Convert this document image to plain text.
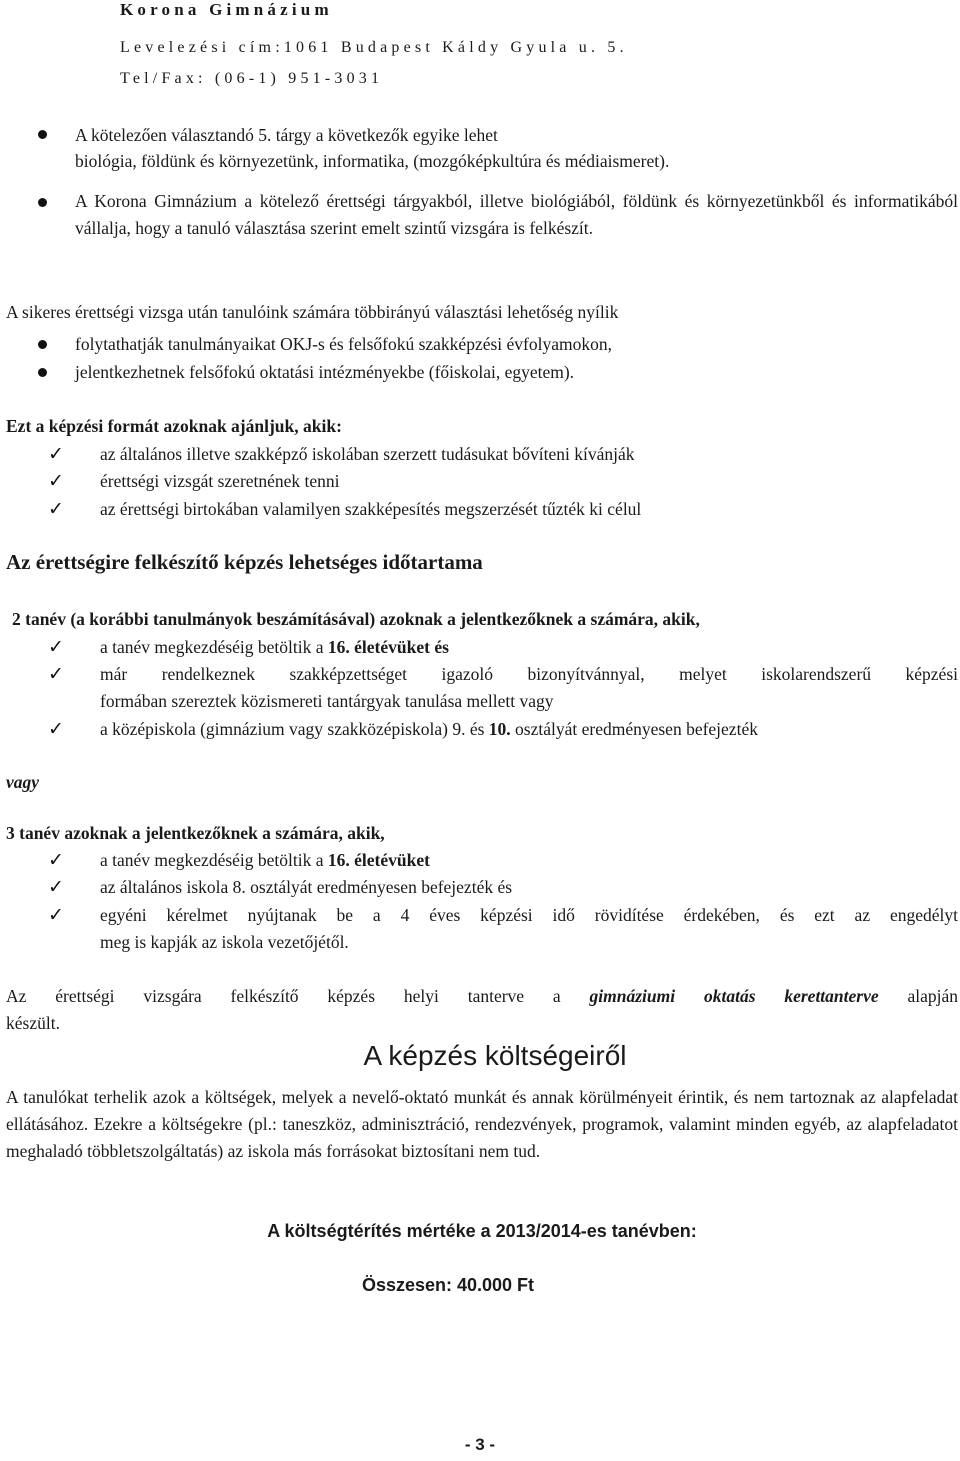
Korona Gimnázium
Levelezési cím:1061 Budapest Káldy Gyula u. 5.
Tel/Fax: (06-1) 951-3031
A kötelezően választandó 5. tárgy a következők egyike lehet
biológia, földünk és környezetünk, informatika, (mozgóképkultúra és médiaismeret).
A Korona Gimnázium a kötelező érettségi tárgyakból, illetve biológiából, földünk és környezetünkből és informatikából vállalja, hogy a tanuló választása szerint emelt szintű vizsgára is felkészít.
A sikeres érettségi vizsga után tanulóink számára többirányú választási lehetőség nyílik
folytathatják tanulmányaikat OKJ-s és felsőfokú szakképzési évfolyamokon,
jelentkezhetnek felsőfokú oktatási intézményekbe (főiskolai, egyetem).
Ezt a képzési formát azoknak ajánljuk, akik:
✓ az általános illetve szakképző iskolában szerzett tudásukat bővíteni kívánják
✓ érettségi vizsgát szeretnének tenni
✓ az érettségi birtokában valamilyen szakképesítés megszerzését tűzték ki célul
Az érettségire felkészítő képzés lehetséges időtartama
2 tanév (a korábbi tanulmányok beszámításával) azoknak a jelentkezőknek a számára, akik,
✓ a tanév megkezdéséig betöltik a 16. életévüket és
✓ már rendelkeznek szakképzettséget igazoló bizonyítvánnyal, melyet iskolarendszerű képzési
formában szereztek közismereti tantárgyak tanulása mellett vagy
✓ a középiskola (gimnázium vagy szakközépiskola) 9. és 10. osztályát eredményesen befejezték
vagy
3 tanév azoknak a jelentkezőknek a számára, akik,
✓ a tanév megkezdéséig betöltik a 16. életévüket
✓ az általános iskola 8. osztályát eredményesen befejezték és
✓ egyéni kérelmet nyújtanak be a 4 éves képzési idő rövidítése érdekében, és ezt az engedélyt
meg is kapják az iskola vezetőjétől.
Az érettségi vizsgára felkészítő képzés helyi tanterve a gimnáziumi oktatás kerettanterve alapján
készült.
A képzés költségeiről
A tanulókat terhelik azok a költségek, melyek a nevelő-oktató munkát és annak körülményeit érintik, és nem tartoznak az alapfeladat ellátásához. Ezekre a költségekre (pl.: taneszköz, adminisztráció, rendezvények, programok, valamint minden egyéb, az alapfeladatot meghaladó többletszolgáltatás) az iskola más forrásokat biztosítani nem tud.
A költségtérítés mértéke a 2013/2014-es tanévben:
Összesen: 40.000 Ft
- 3 -
